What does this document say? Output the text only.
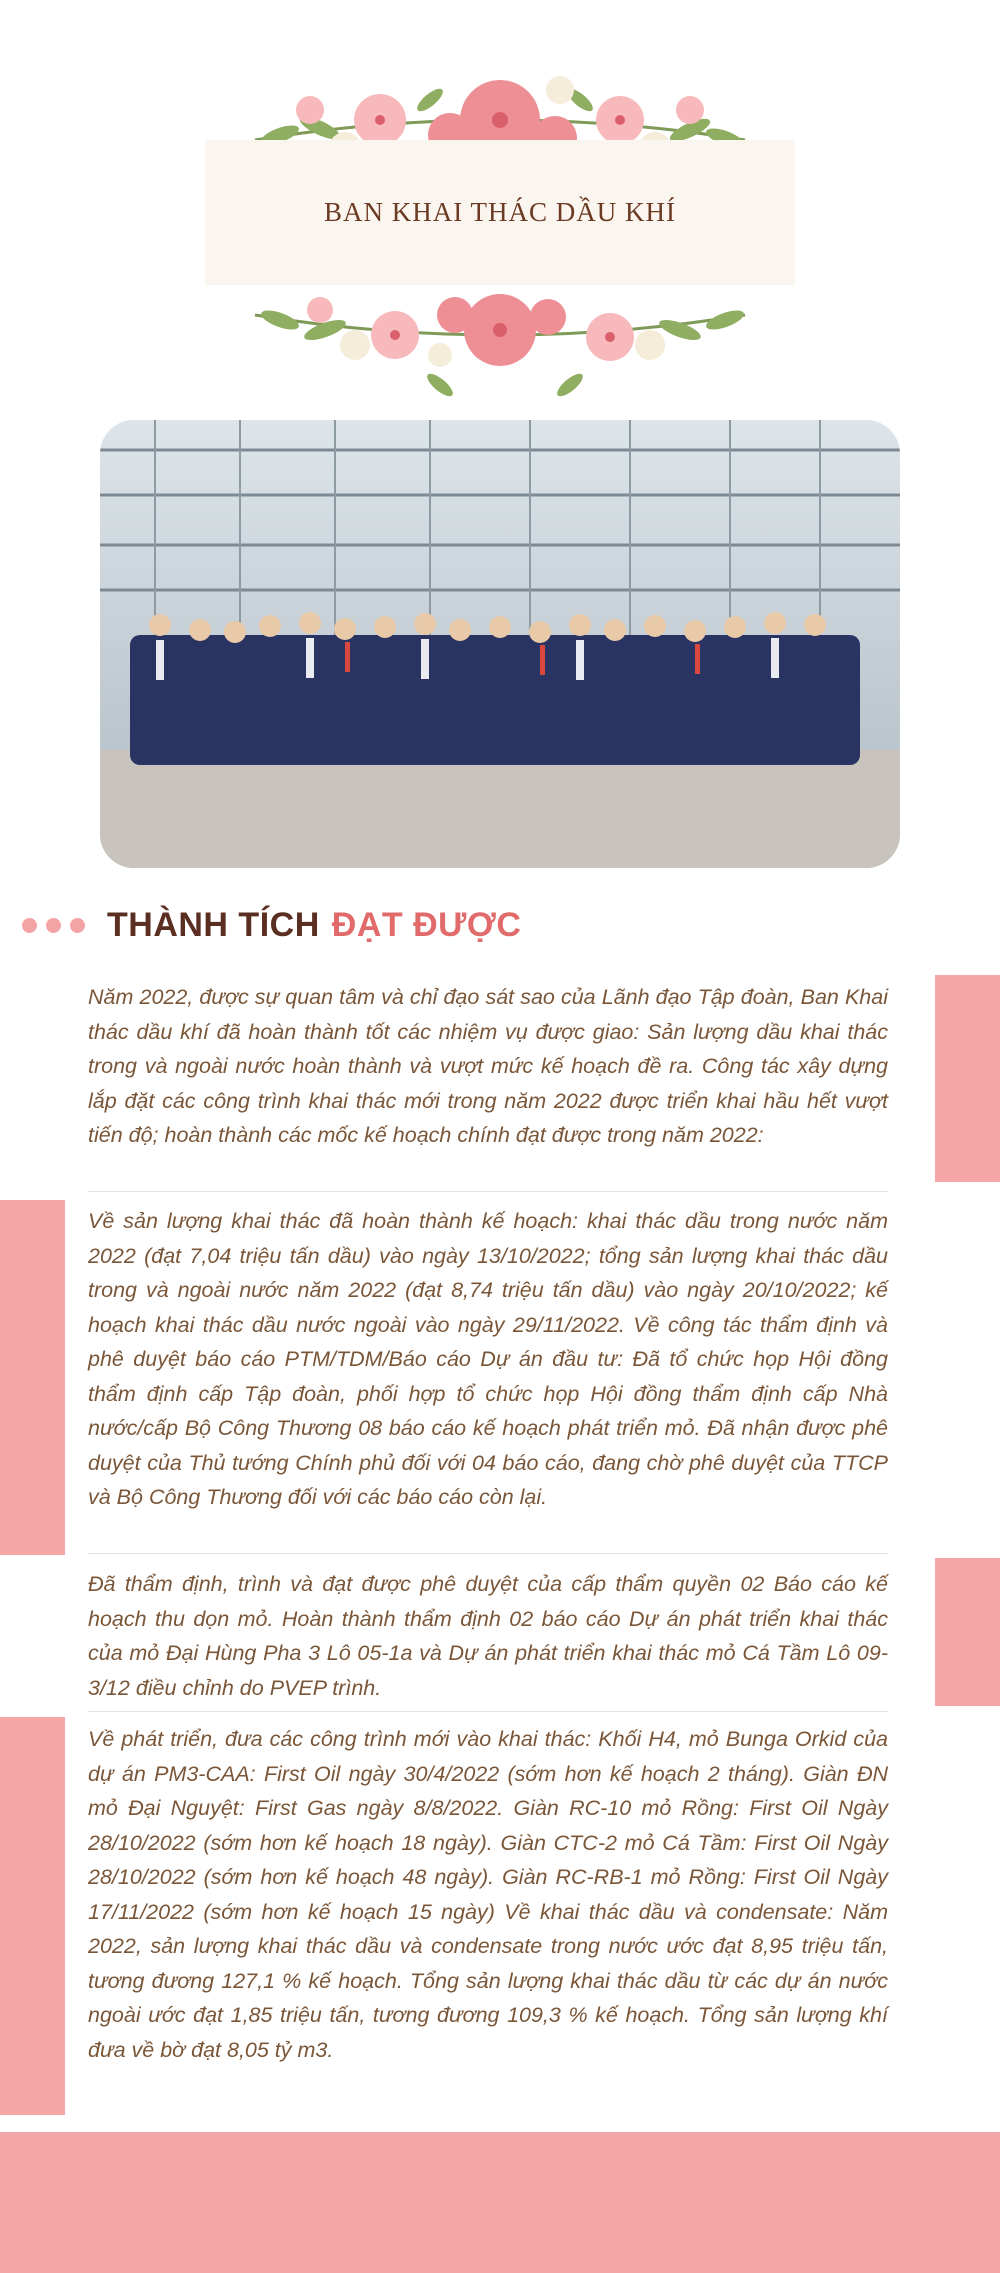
BAN KHAI THÁC DẦU KHÍ
THÀNH TÍCH ĐẠT ĐƯỢC

Năm 2022, được sự quan tâm và chỉ đạo sát sao của Lãnh đạo Tập đoàn, Ban Khai thác dầu khí đã hoàn thành tốt các nhiệm vụ được giao: Sản lượng dầu khai thác trong và ngoài nước hoàn thành và vượt mức kế hoạch đề ra. Công tác xây dựng lắp đặt các công trình khai thác mới trong năm 2022 được triển khai hầu hết vượt tiến độ; hoàn thành các mốc kế hoạch chính đạt được trong năm 2022:

Về sản lượng khai thác đã hoàn thành kế hoạch: khai thác dầu trong nước năm 2022 (đạt 7,04 triệu tấn dầu) vào ngày 13/10/2022; tổng sản lượng khai thác dầu trong và ngoài nước năm 2022 (đạt 8,74 triệu tấn dầu) vào ngày 20/10/2022; kế hoạch khai thác dầu nước ngoài vào ngày 29/11/2022. Về công tác thẩm định và phê duyệt báo cáo PTM/TDM/Báo cáo Dự án đầu tư: Đã tổ chức họp Hội đồng thẩm định cấp Tập đoàn, phối hợp tổ chức họp Hội đồng thẩm định cấp Nhà nước/cấp Bộ Công Thương 08 báo cáo kế hoạch phát triển mỏ. Đã nhận được phê duyệt của Thủ tướng Chính phủ đối với 04 báo cáo, đang chờ phê duyệt của TTCP và Bộ Công Thương đối với các báo cáo còn lại.

Đã thẩm định, trình và đạt được phê duyệt của cấp thẩm quyền 02 Báo cáo kế hoạch thu dọn mỏ. Hoàn thành thẩm định 02 báo cáo Dự án phát triển khai thác của mỏ Đại Hùng Pha 3 Lô 05-1a và Dự án phát triển khai thác mỏ Cá Tầm Lô 09-3/12 điều chỉnh do PVEP trình.

Về phát triển, đưa các công trình mới vào khai thác: Khối H4, mỏ Bunga Orkid của dự án PM3-CAA: First Oil ngày 30/4/2022 (sớm hơn kế hoạch 2 tháng). Giàn ĐN mỏ Đại Nguyệt: First Gas ngày 8/8/2022. Giàn RC-10 mỏ Rồng: First Oil Ngày 28/10/2022 (sớm hơn kế hoạch 18 ngày). Giàn CTC-2 mỏ Cá Tầm: First Oil Ngày 28/10/2022 (sớm hơn kế hoạch 48 ngày). Giàn RC-RB-1 mỏ Rồng: First Oil Ngày 17/11/2022 (sớm hơn kế hoạch 15 ngày) Về khai thác dầu và condensate: Năm 2022, sản lượng khai thác dầu và condensate trong nước ước đạt 8,95 triệu tấn, tương đương 127,1 % kế hoạch. Tổng sản lượng khai thác dầu từ các dự án nước ngoài ước đạt 1,85 triệu tấn, tương đương 109,3 % kế hoạch. Tổng sản lượng khí đưa về bờ đạt 8,05 tỷ m3.
